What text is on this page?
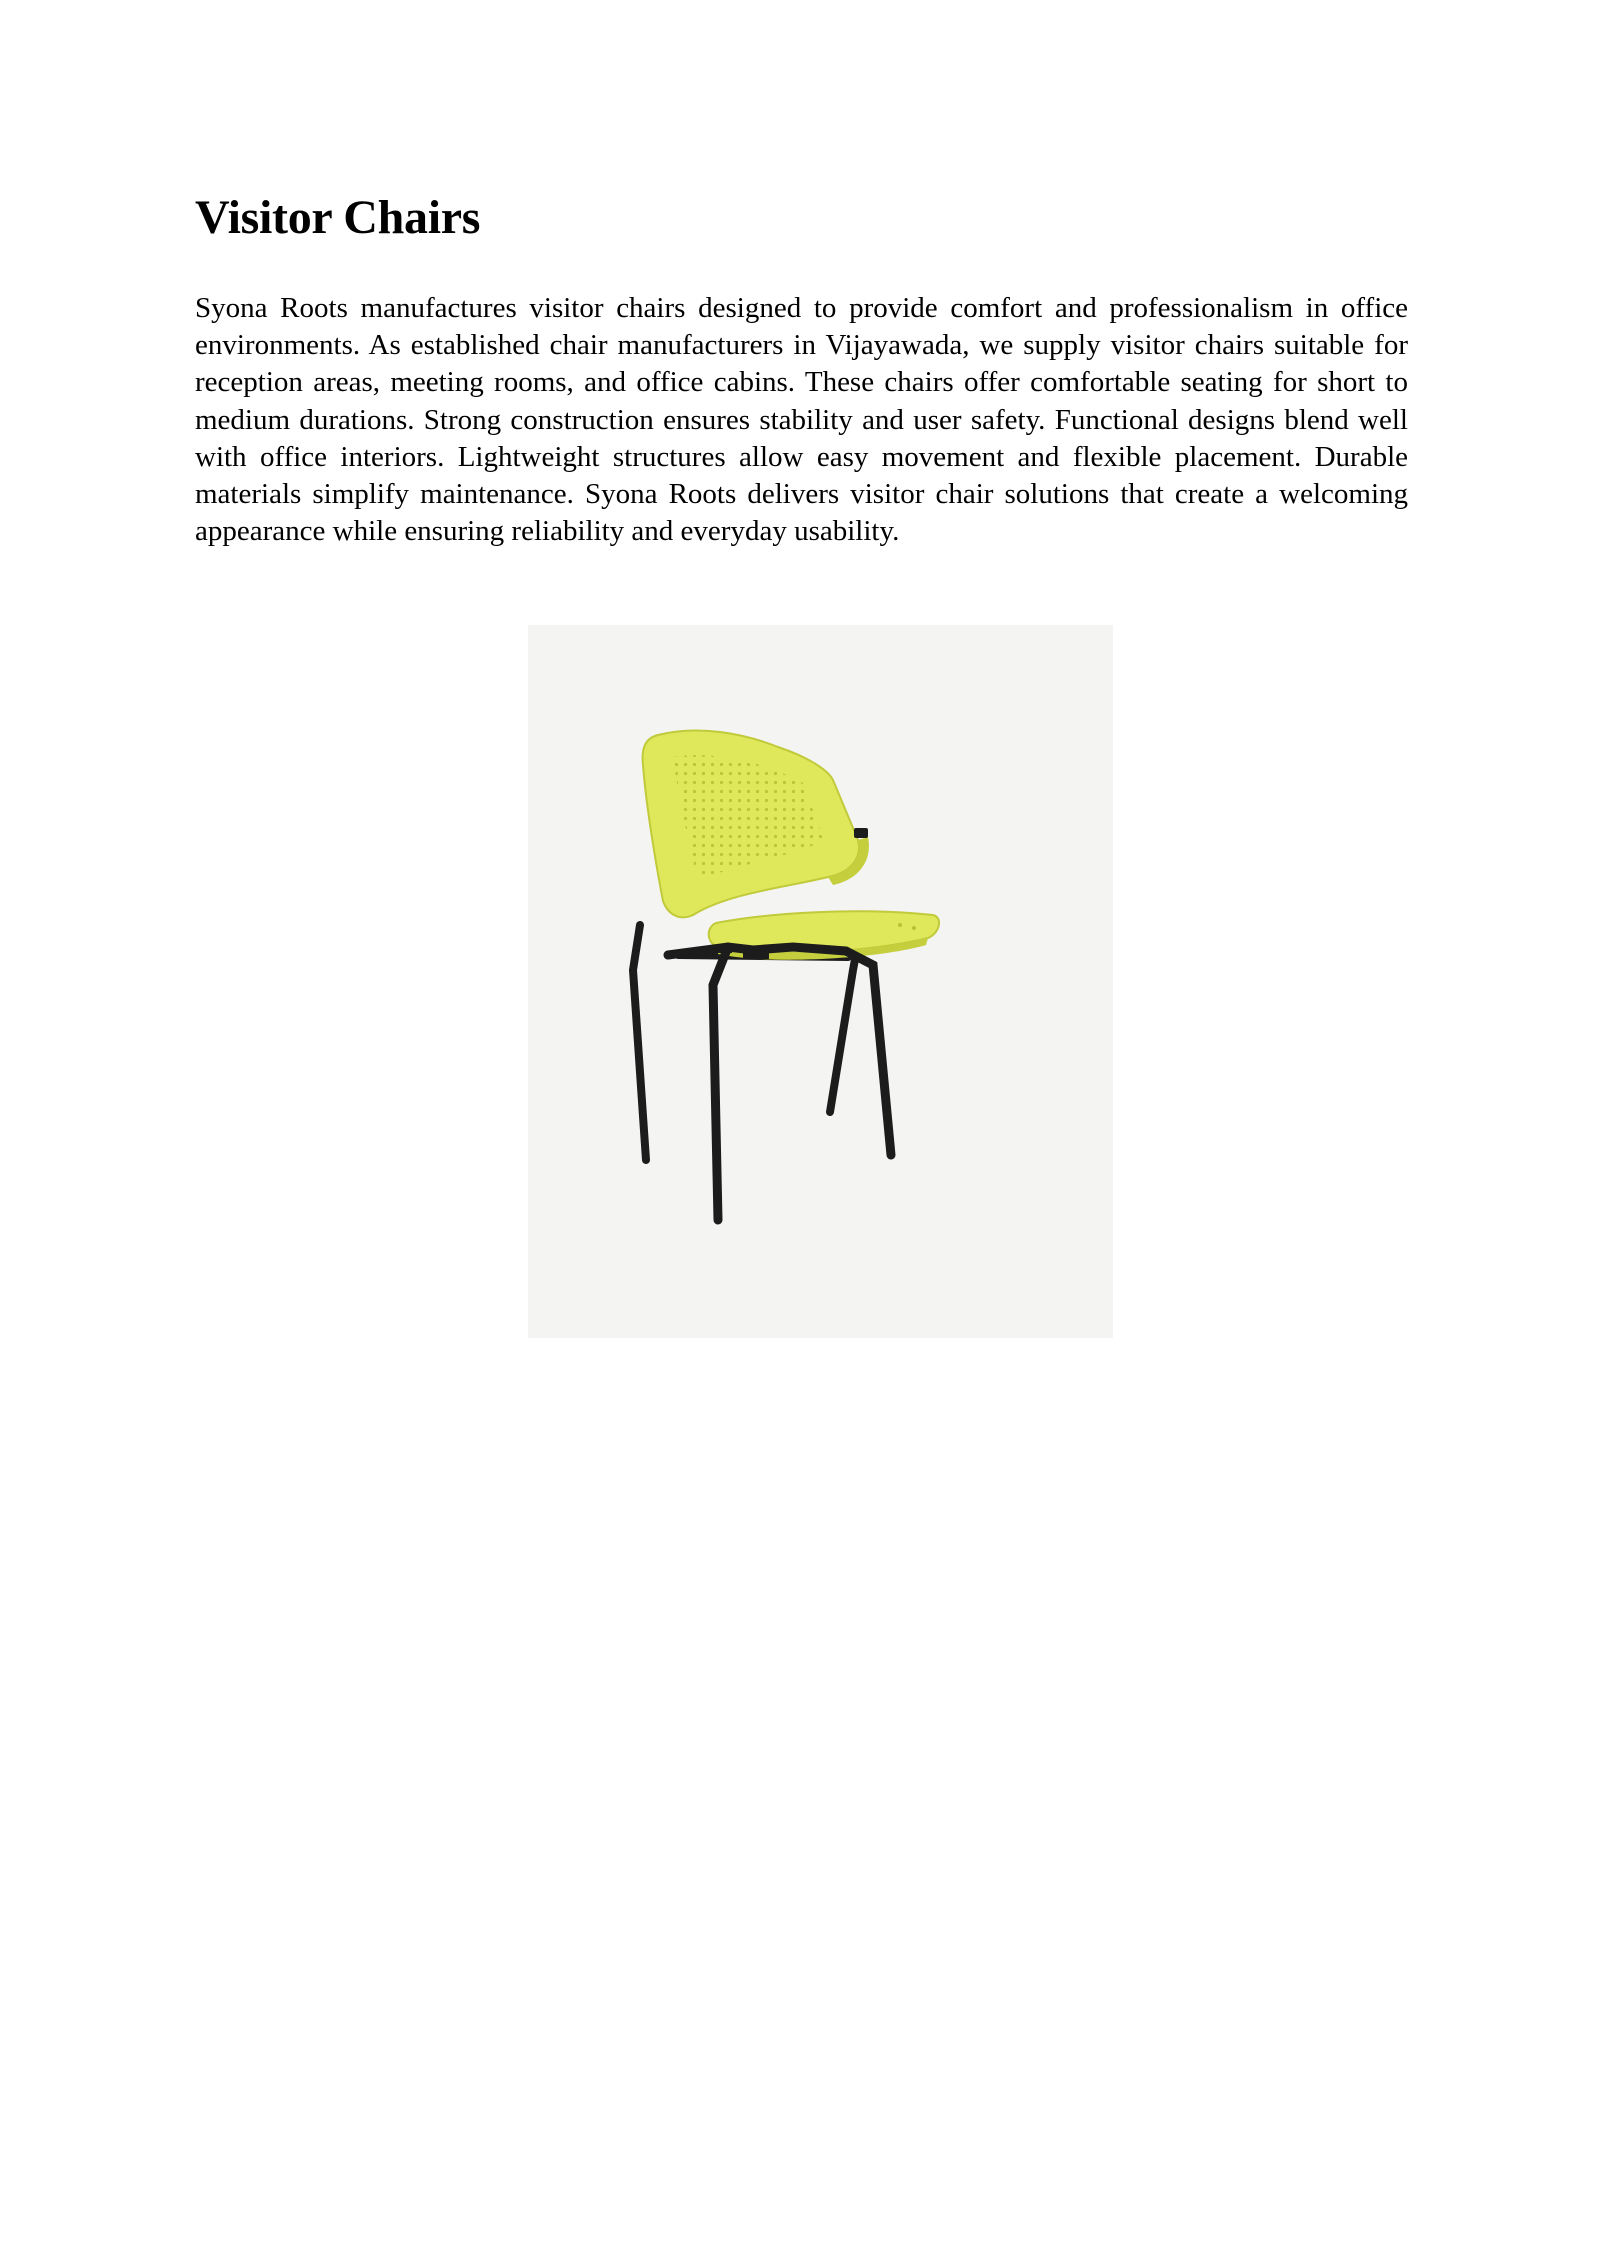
Visitor Chairs

Syona Roots manufactures visitor chairs designed to provide comfort and professionalism in office environments. As established chair manufacturers in Vijayawada, we supply visitor chairs suitable for reception areas, meeting rooms, and office cabins. These chairs offer comfortable seating for short to medium durations. Strong construction ensures stability and user safety. Functional designs blend well with office interiors. Lightweight structures allow easy movement and flexible placement. Durable materials simplify maintenance. Syona Roots delivers visitor chair solutions that create a welcoming appearance while ensuring reliability and everyday usability.
